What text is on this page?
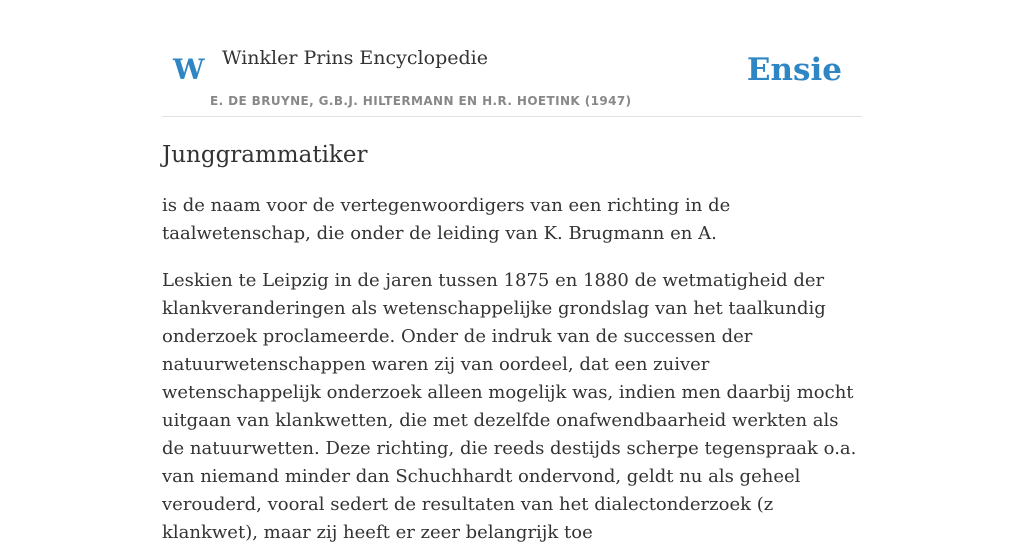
W Winkler Prins Encyclopedie
E. DE BRUYNE, G.B.J. HILTERMANN EN H.R. HOETINK (1947)
Ensie
Junggrammatiker

is de naam voor de vertegenwoordigers van een richting in de taalwetenschap, die onder de leiding van K. Brugmann en A.

Leskien te Leipzig in de jaren tussen 1875 en 1880 de wetmatigheid der klankveranderingen als wetenschappelijke grondslag van het taalkundig onderzoek proclameerde. Onder de indruk van de successen der natuurwetenschappen waren zij van oordeel, dat een zuiver wetenschappelijk onderzoek alleen mogelijk was, indien men daarbij mocht uitgaan van klankwetten, die met dezelfde onafwendbaarheid werkten als de natuurwetten. Deze richting, die reeds destijds scherpe tegenspraak o.a. van niemand minder dan Schuchhardt ondervond, geldt nu als geheel verouderd, vooral sedert de resultaten van het dialectonderzoek (z klankwet), maar zij heeft er zeer belangrijk toe
